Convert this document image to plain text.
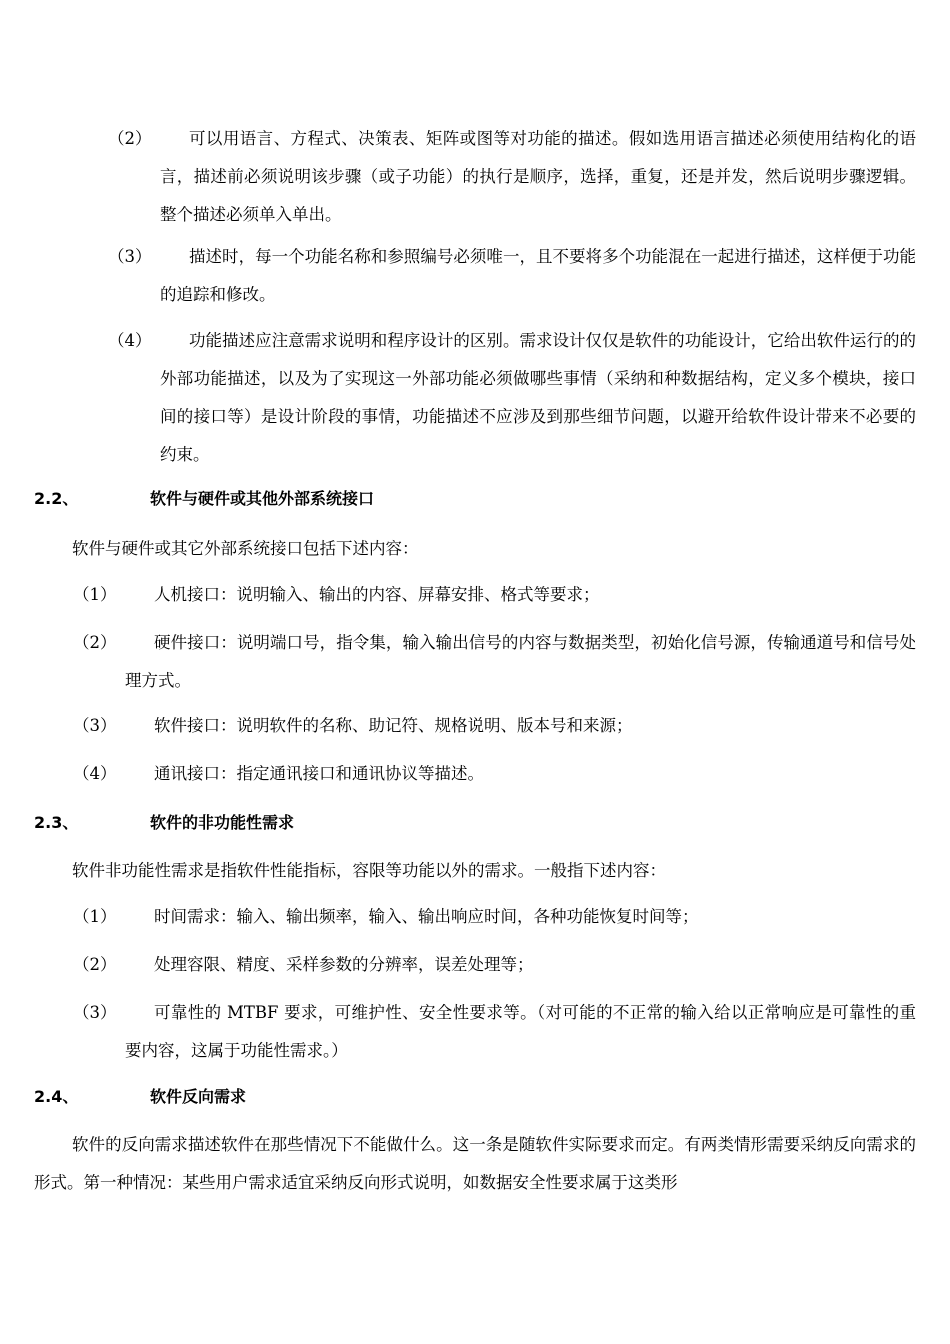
（2）	可以用语言、方程式、决策表、矩阵或图等对功能的描述。假如选用语言描述必须使用结构化的语言，描述前必须说明该步骤（或子功能）的执行是顺序，选择，重复，还是并发，然后说明步骤逻辑。整个描述必须单入单出。
（3）	描述时，每一个功能名称和参照编号必须唯一，且不要将多个功能混在一起进行描述，这样便于功能的追踪和修改。
（4）	功能描述应注意需求说明和程序设计的区别。需求设计仅仅是软件的功能设计，它给出软件运行的的外部功能描述，以及为了实现这一外部功能必须做哪些事情（采纳和种数据结构，定义多个模块，接口间的接口等）是设计阶段的事情，功能描述不应涉及到那些细节问题，以避开给软件设计带来不必要的约束。
2.2、	软件与硬件或其他外部系统接口
软件与硬件或其它外部系统接口包括下述内容：
（1）	人机接口：说明输入、输出的内容、屏幕安排、格式等要求；
（2）	硬件接口：说明端口号，指令集，输入输出信号的内容与数据类型，初始化信号源，传输通道号和信号处理方式。
（3）	软件接口：说明软件的名称、助记符、规格说明、版本号和来源；
（4）	通讯接口：指定通讯接口和通讯协议等描述。
2.3、	软件的非功能性需求
软件非功能性需求是指软件性能指标，容限等功能以外的需求。一般指下述内容：
（1）	时间需求：输入、输出频率，输入、输出响应时间，各种功能恢复时间等；
（2）	处理容限、精度、采样参数的分辨率，误差处理等；
（3）	可靠性的 MTBF 要求，可维护性、安全性要求等。（对可能的不正常的输入给以正常响应是可靠性的重要内容，这属于功能性需求。）
2.4、	软件反向需求
软件的反向需求描述软件在那些情况下不能做什么。这一条是随软件实际要求而定。有两类情形需要采纳反向需求的形式。第一种情况：某些用户需求适宜采纳反向形式说明，如数据安全性要求属于这类形
